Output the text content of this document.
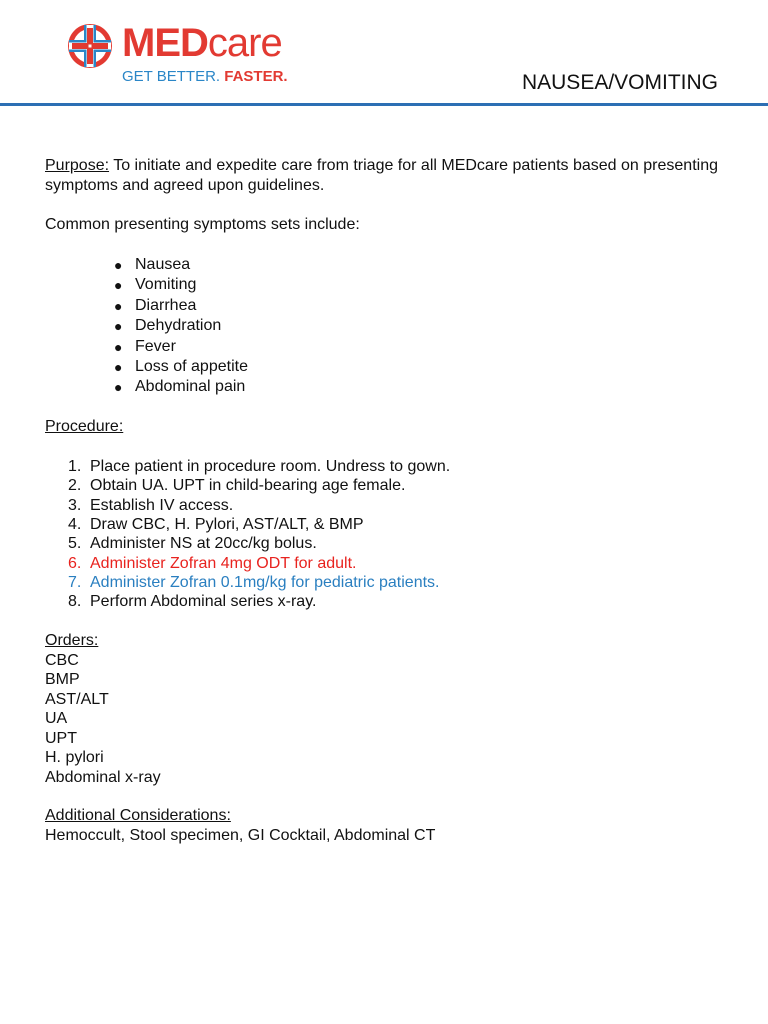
MEDcare
GET BETTER. FASTER.	NAUSEA/VOMITING

Purpose: To initiate and expedite care from triage for all MEDcare patients based on presenting symptoms and agreed upon guidelines.

Common presenting symptoms sets include:

● Nausea
● Vomiting
● Diarrhea
● Dehydration
● Fever
● Loss of appetite
● Abdominal pain

Procedure:

1. Place patient in procedure room. Undress to gown.
2. Obtain UA. UPT in child-bearing age female.
3. Establish IV access.
4. Draw CBC, H. Pylori, AST/ALT, & BMP
5. Administer NS at 20cc/kg bolus.
6. Administer Zofran 4mg ODT for adult.
7. Administer Zofran 0.1mg/kg for pediatric patients.
8. Perform Abdominal series x-ray.

Orders:

CBC
BMP
AST/ALT
UA
UPT
H. pylori
Abdominal x-ray

Additional Considerations:

Hemoccult, Stool specimen, GI Cocktail, Abdominal CT
